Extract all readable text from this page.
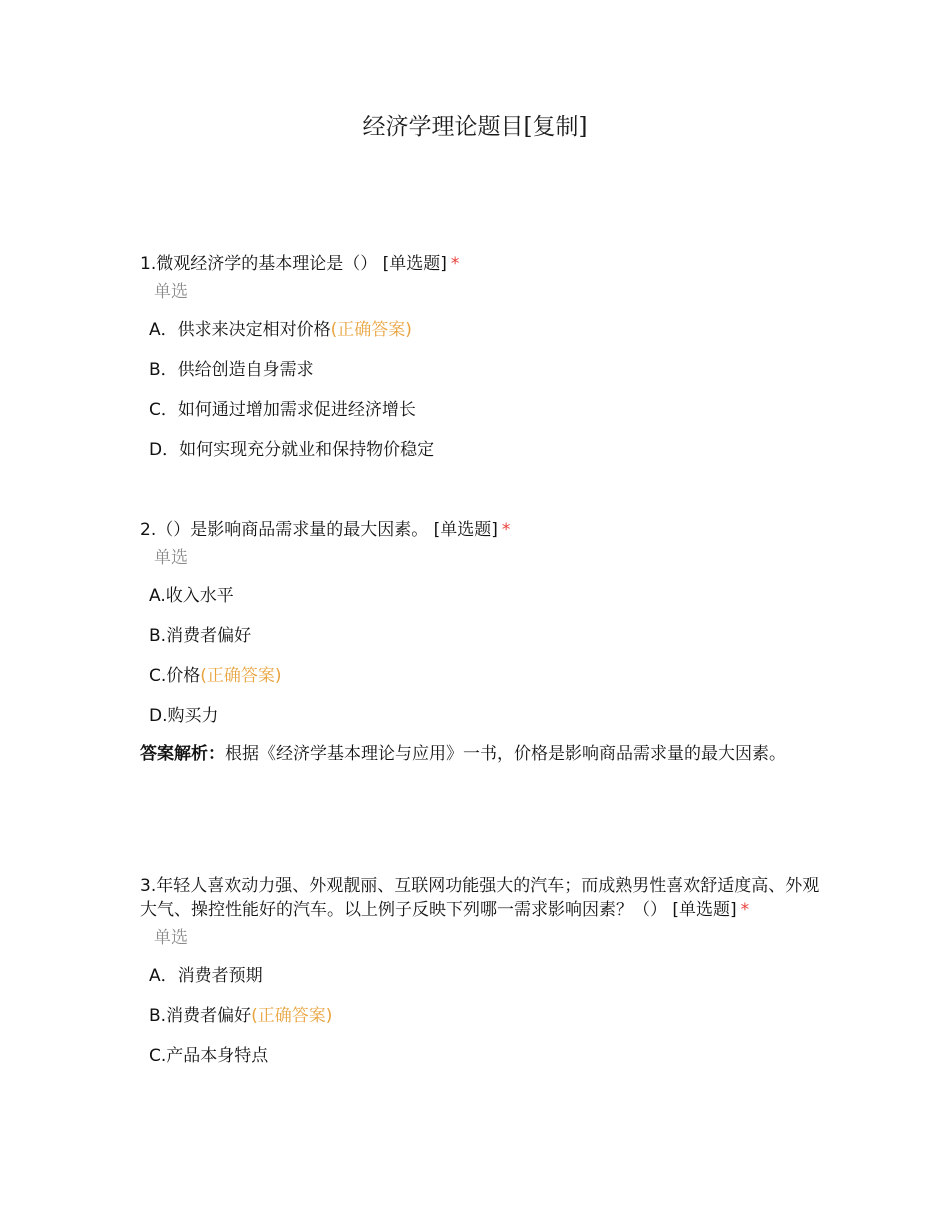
经济学理论题目[复制]
1.微观经济学的基本理论是（） [单选题] *
单选
A．供求来决定相对价格(正确答案)
B．供给创造自身需求
C．如何通过增加需求促进经济增长
D．如何实现充分就业和保持物价稳定
2.（）是影响商品需求量的最大因素。 [单选题] *
单选
A.收入水平
B.消费者偏好
C.价格(正确答案)
D.购买力
答案解析：根据《经济学基本理论与应用》一书，价格是影响商品需求量的最大因素。
3.年轻人喜欢动力强、外观靓丽、互联网功能强大的汽车；而成熟男性喜欢舒适度高、外观大气、操控性能好的汽车。以上例子反映下列哪一需求影响因素？（） [单选题] *
单选
A．消费者预期
B.消费者偏好(正确答案)
C.产品本身特点
